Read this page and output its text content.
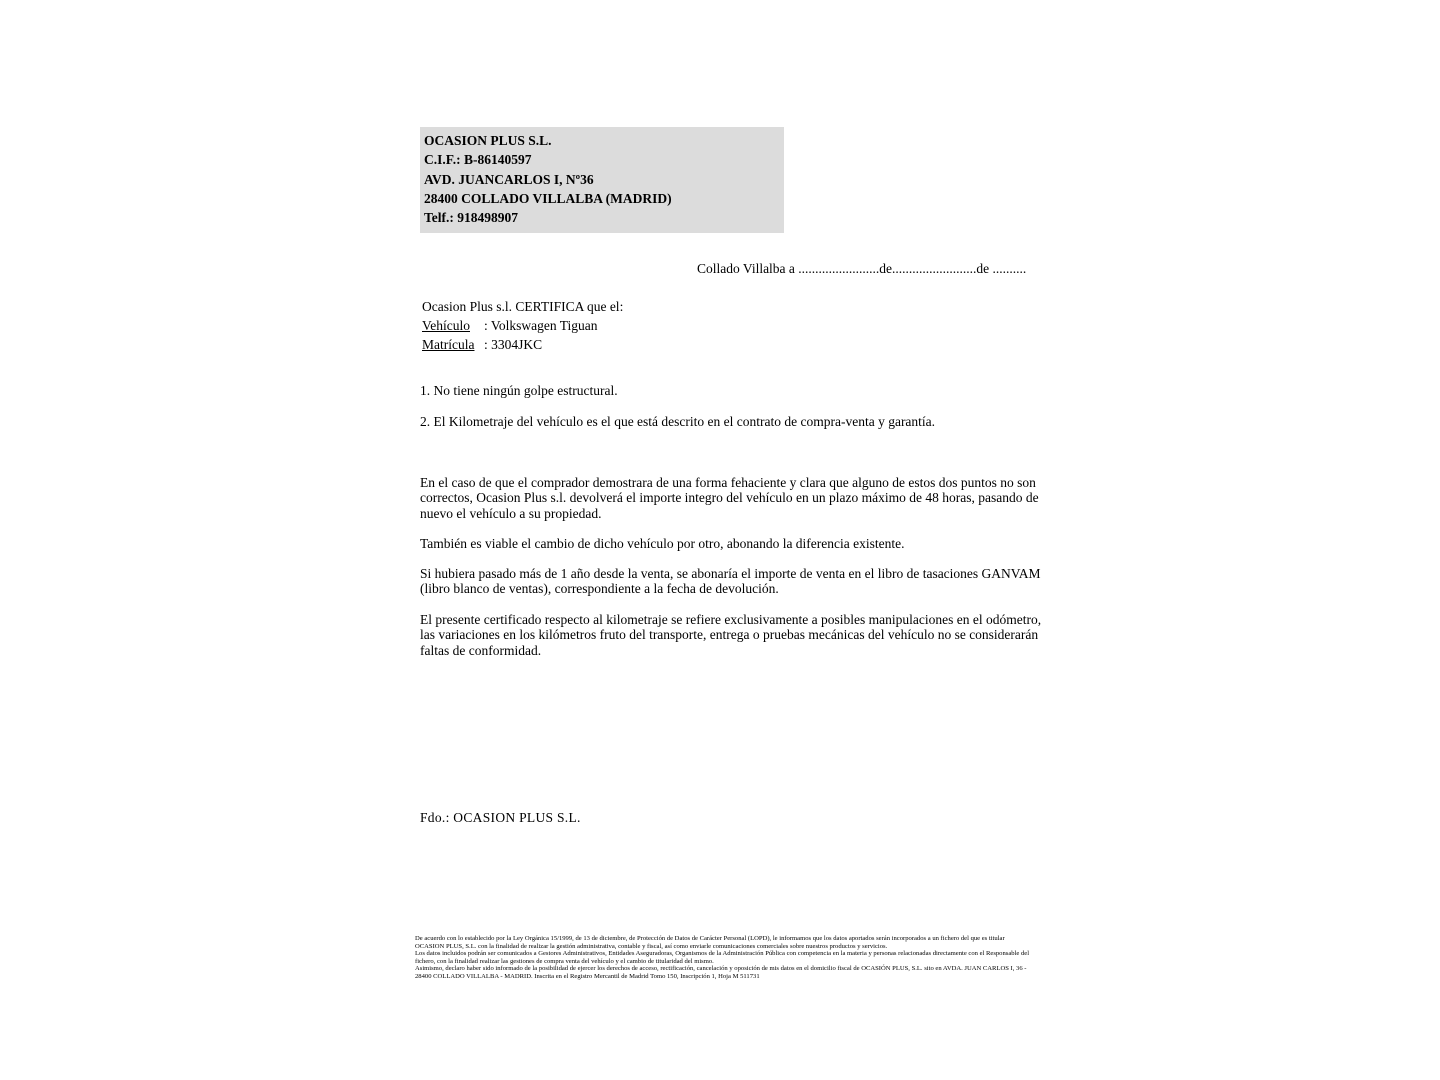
OCASION PLUS S.L.
C.I.F.: B-86140597
AVD. JUANCARLOS I, Nº36
28400 COLLADO VILLALBA (MADRID)
Telf.: 918498907
Collado Villalba a ........................de.........................de ..........
Ocasion Plus s.l. CERTIFICA que el:
Vehículo : Volkswagen Tiguan
Matrícula : 3304JKC
1. No tiene ningún golpe estructural.
2. El Kilometraje del vehículo es el que está descrito en el contrato de compra-venta y garantía.
En el caso de que el comprador demostrara de una forma fehaciente y clara que alguno de estos dos puntos no son correctos, Ocasion Plus s.l. devolverá el importe integro del vehículo en un plazo máximo de 48 horas, pasando de nuevo el vehículo a su propiedad.
También es viable el cambio de dicho vehículo por otro, abonando la diferencia existente.
Si hubiera pasado más de 1 año desde la venta, se abonaría el importe de venta en el libro de tasaciones GANVAM (libro blanco de ventas), correspondiente a la fecha de devolución.
El presente certificado respecto al kilometraje se refiere exclusivamente a posibles manipulaciones en el odómetro, las variaciones en los kilómetros fruto del transporte, entrega o pruebas mecánicas del vehículo no se considerarán faltas de conformidad.
Fdo.: OCASION PLUS S.L.
De acuerdo con lo establecido por la Ley Orgánica 15/1999, de 13 de diciembre, de Protección de Datos de Carácter Personal (LOPD), le informamos que los datos aportados serán incorporados a un fichero del que es titular OCASION PLUS, S.L. con la finalidad de realizar la gestión administrativa, contable y fiscal, así como enviarle comunicaciones comerciales sobre nuestros productos y servicios.
Los datos incluidos podrán ser comunicados a Gestores Administrativos, Entidades Aseguradoras, Organismos de la Administración Pública con competencia en la materia y personas relacionadas directamente con el Responsable del fichero, con la finalidad realizar las gestiones de compra venta del vehículo y el cambio de titularidad del mismo.
Asimismo, declaro haber sido informado de la posibilidad de ejercer los derechos de acceso, rectificación, cancelación y oposición de mis datos en el domicilio fiscal de OCASIÓN PLUS, S.L. sito en AVDA. JUAN CARLOS I, 36 - 28400 COLLADO VILLALBA - MADRID. Inscrita en el Registro Mercantil de Madrid Tomo 150, Inscripción 1, Hoja M 511731
